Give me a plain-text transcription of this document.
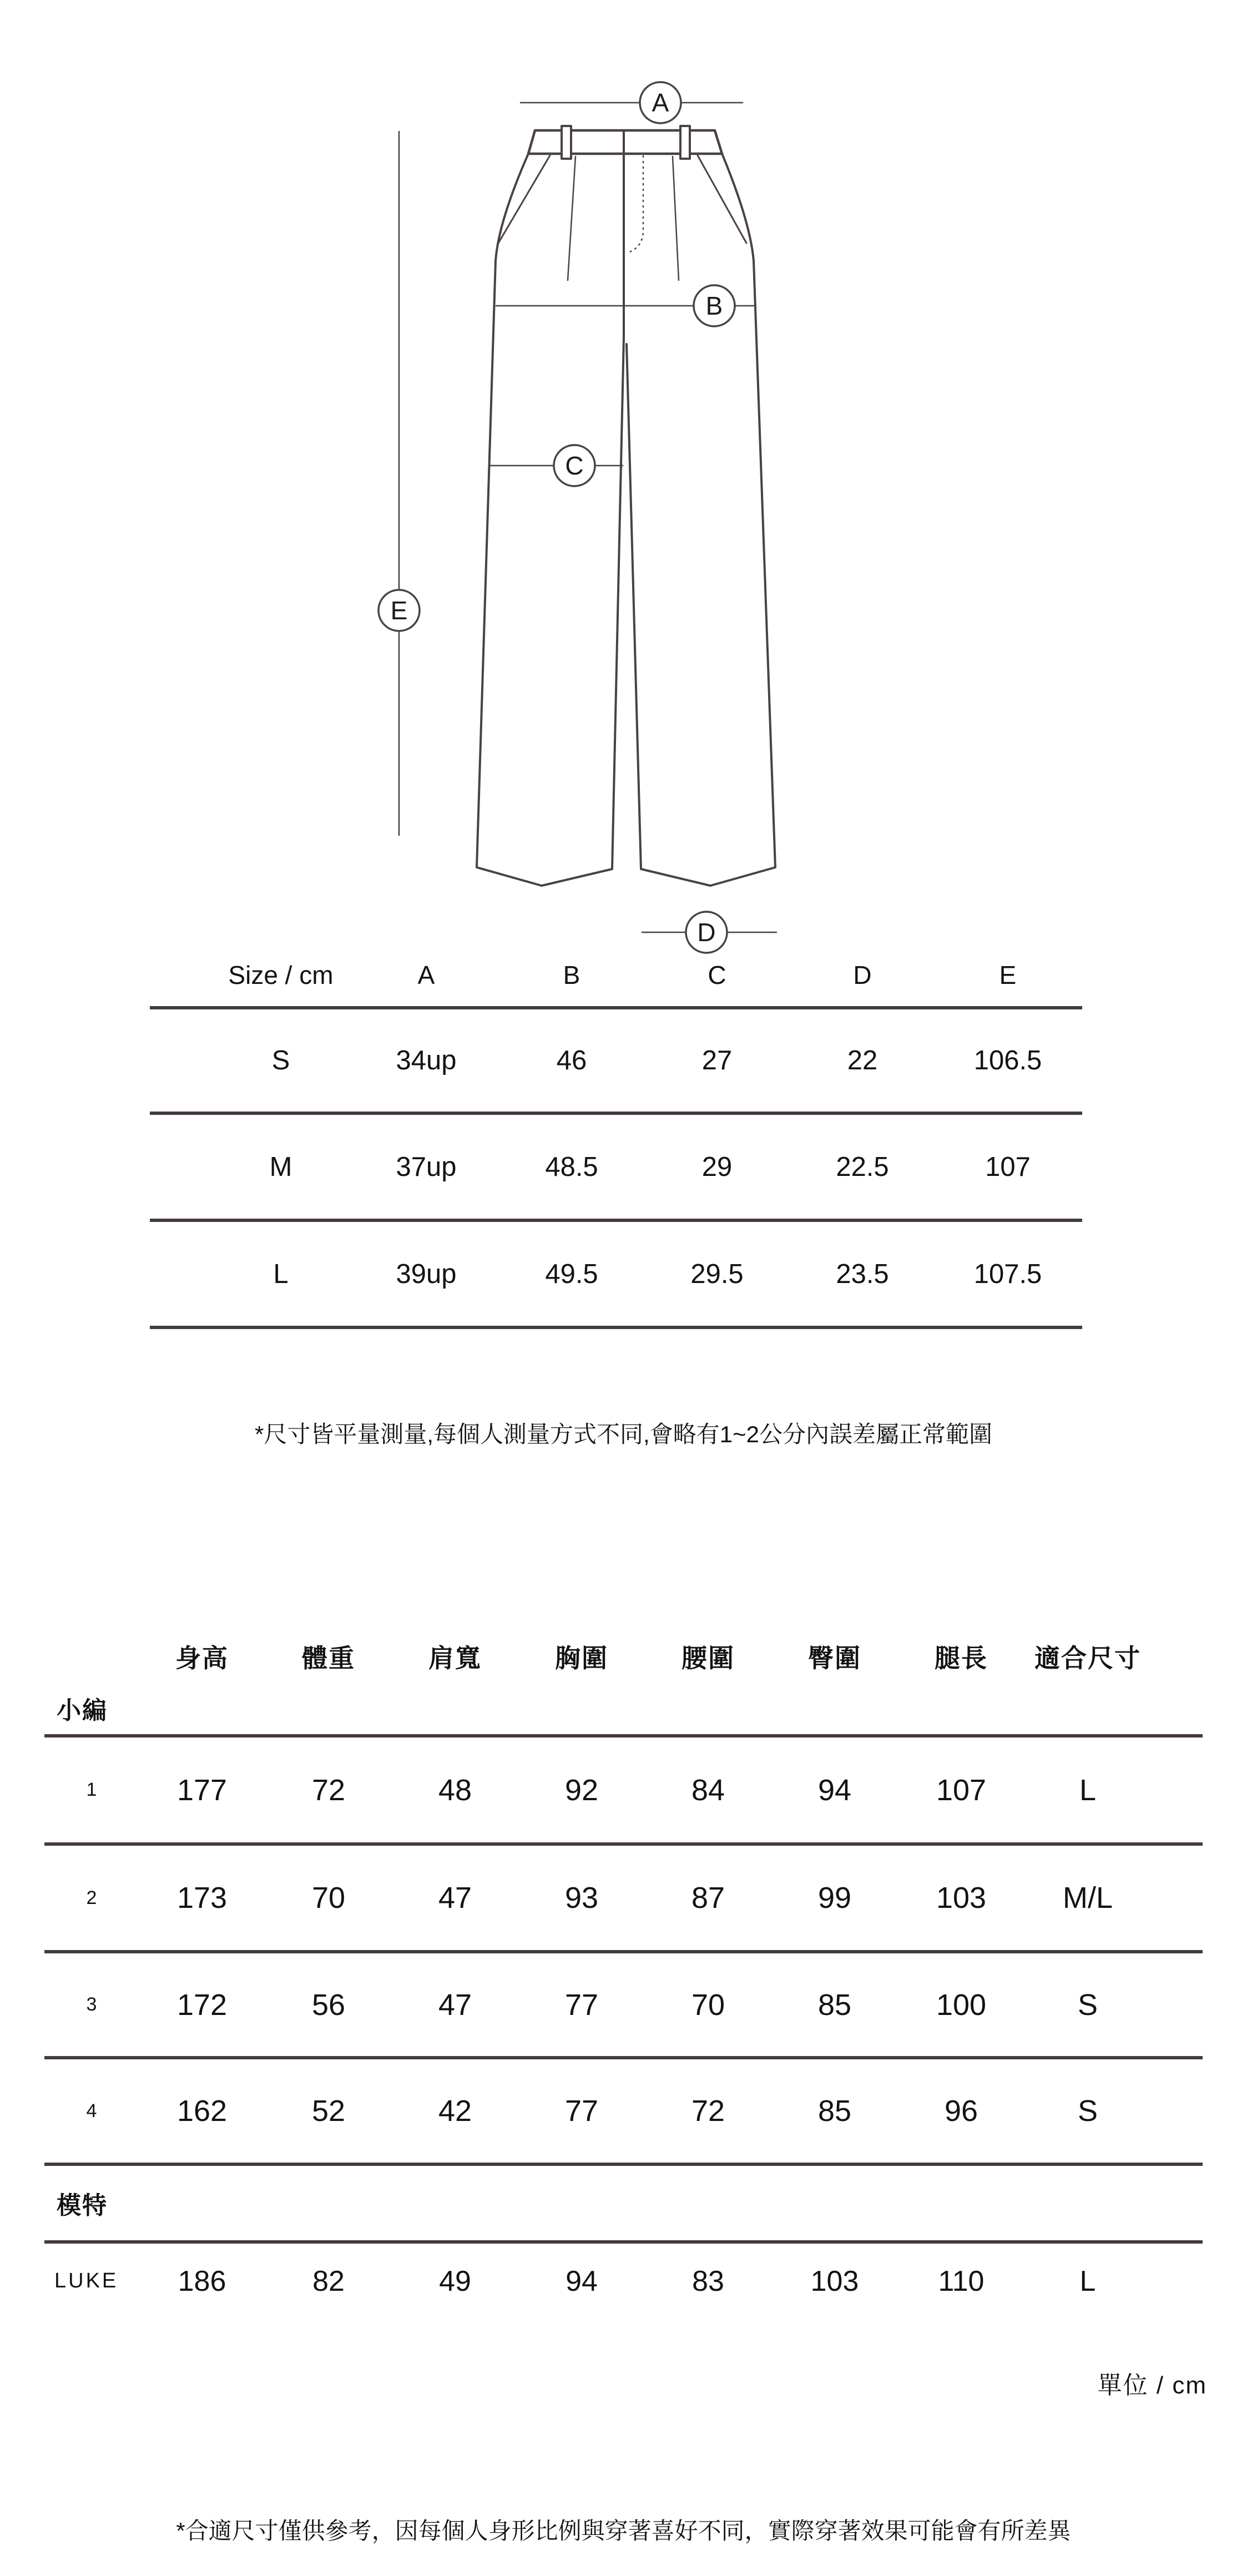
A
B
C
D
E
Size / cm	A	B	C	D	E
S	34up	46	27	22	106.5
M	37up	48.5	29	22.5	107
L	39up	49.5	29.5	23.5	107.5
*尺寸皆平量測量,每個人測量方式不同,會略有1~2公分內誤差屬正常範圍
身高	體重	肩寬	胸圍	腰圍	臀圍	腿長	適合尺寸
小編
1	177	72	48	92	84	94	107	L
2	173	70	47	93	87	99	103	M/L
3	172	56	47	77	70	85	100	S
4	162	52	42	77	72	85	96	S
模特
LUKE	186	82	49	94	83	103	110	L
單位 / cm
*合適尺寸僅供參考，因每個人身形比例與穿著喜好不同，實際穿著效果可能會有所差異
